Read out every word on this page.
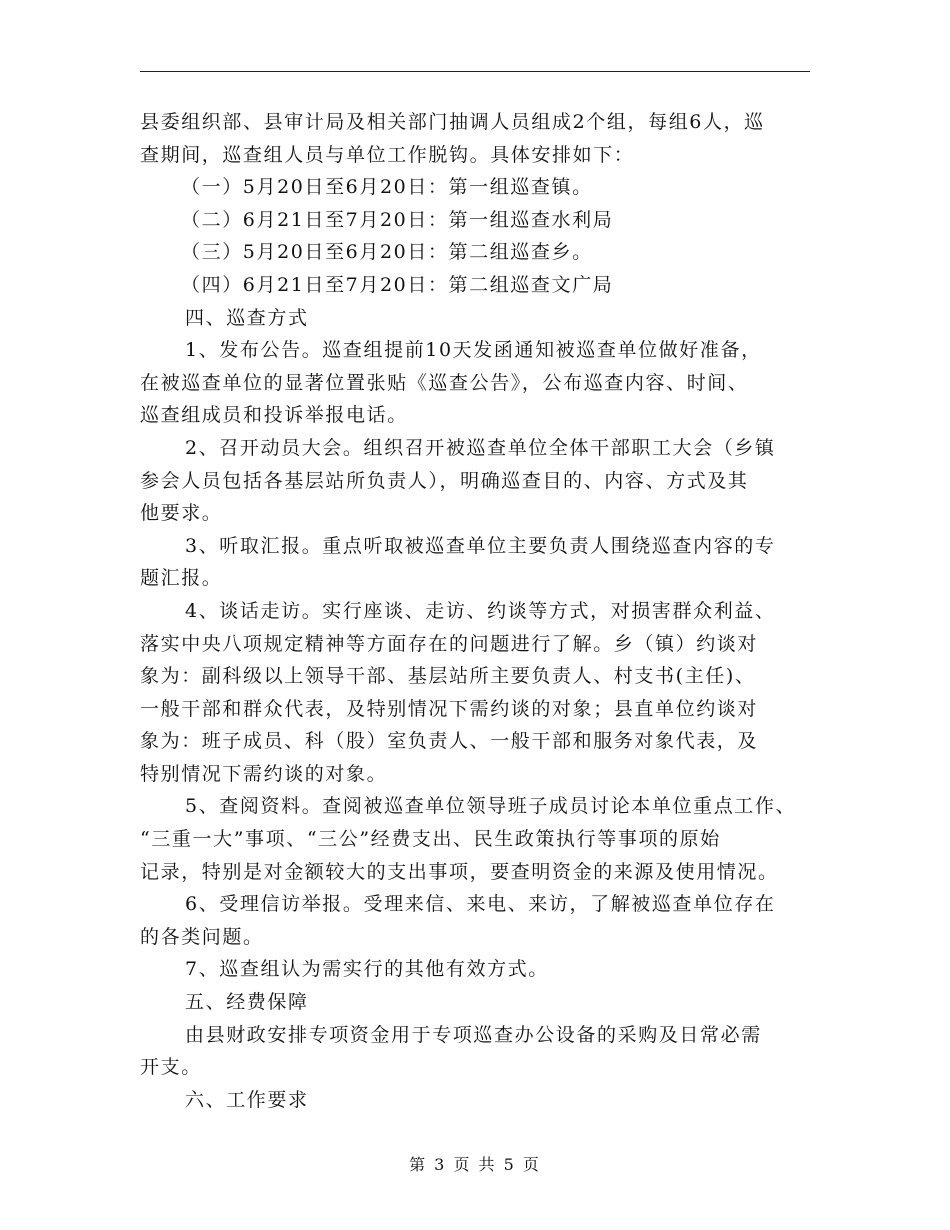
县委组织部、县审计局及相关部门抽调人员组成2个组，每组6人，巡
查期间，巡查组人员与单位工作脱钩。具体安排如下：
（一）5月20日至6月20日：第一组巡查镇。
（二）6月21日至7月20日：第一组巡查水利局
（三）5月20日至6月20日：第二组巡查乡。
（四）6月21日至7月20日：第二组巡查文广局
四、巡查方式
1、发布公告。巡查组提前10天发函通知被巡查单位做好准备，
在被巡查单位的显著位置张贴《巡查公告》，公布巡查内容、时间、
巡查组成员和投诉举报电话。
2、召开动员大会。组织召开被巡查单位全体干部职工大会（乡镇
参会人员包括各基层站所负责人），明确巡查目的、内容、方式及其
他要求。
3、听取汇报。重点听取被巡查单位主要负责人围绕巡查内容的专
题汇报。
4、谈话走访。实行座谈、走访、约谈等方式，对损害群众利益、
落实中央八项规定精神等方面存在的问题进行了解。乡（镇）约谈对
象为：副科级以上领导干部、基层站所主要负责人、村支书(主任)、
一般干部和群众代表，及特别情况下需约谈的对象；县直单位约谈对
象为：班子成员、科（股）室负责人、一般干部和服务对象代表，及
特别情况下需约谈的对象。
5、查阅资料。查阅被巡查单位领导班子成员讨论本单位重点工作、
“三重一大”事项、“三公”经费支出、民生政策执行等事项的原始
记录，特别是对金额较大的支出事项，要查明资金的来源及使用情况。
6、受理信访举报。受理来信、来电、来访，了解被巡查单位存在
的各类问题。
7、巡查组认为需实行的其他有效方式。
五、经费保障
由县财政安排专项资金用于专项巡查办公设备的采购及日常必需
开支。
六、工作要求
第 3 页 共 5 页
